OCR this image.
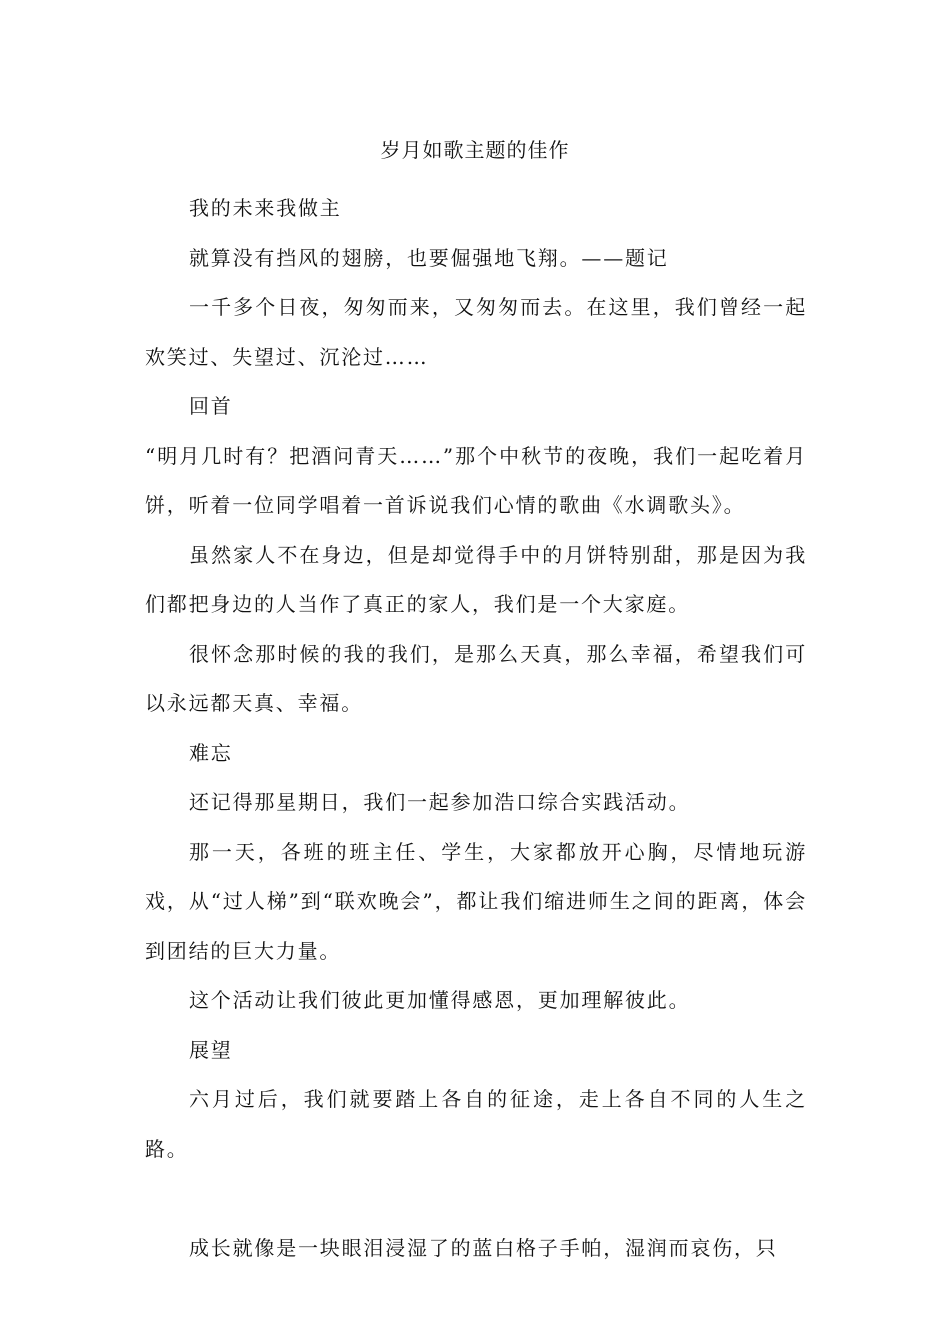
岁月如歌主题的佳作

我的未来我做主

就算没有挡风的翅膀，也要倔强地飞翔。——题记

一千多个日夜，匆匆而来，又匆匆而去。在这里，我们曾经一起欢笑过、失望过、沉沦过……

回首

“明月几时有？把酒问青天……”那个中秋节的夜晚，我们一起吃着月饼，听着一位同学唱着一首诉说我们心情的歌曲《水调歌头》。

虽然家人不在身边，但是却觉得手中的月饼特别甜，那是因为我们都把身边的人当作了真正的家人，我们是一个大家庭。

很怀念那时候的我的我们，是那么天真，那么幸福，希望我们可以永远都天真、幸福。

难忘

还记得那星期日，我们一起参加浩口综合实践活动。

那一天，各班的班主任、学生，大家都放开心胸，尽情地玩游戏，从“过人梯”到“联欢晚会”，都让我们缩进师生之间的距离，体会到团结的巨大力量。

这个活动让我们彼此更加懂得感恩，更加理解彼此。

展望

六月过后，我们就要踏上各自的征途，走上各自不同的人生之路。

成长就像是一块眼泪浸湿了的蓝白格子手帕，湿润而哀伤，只
